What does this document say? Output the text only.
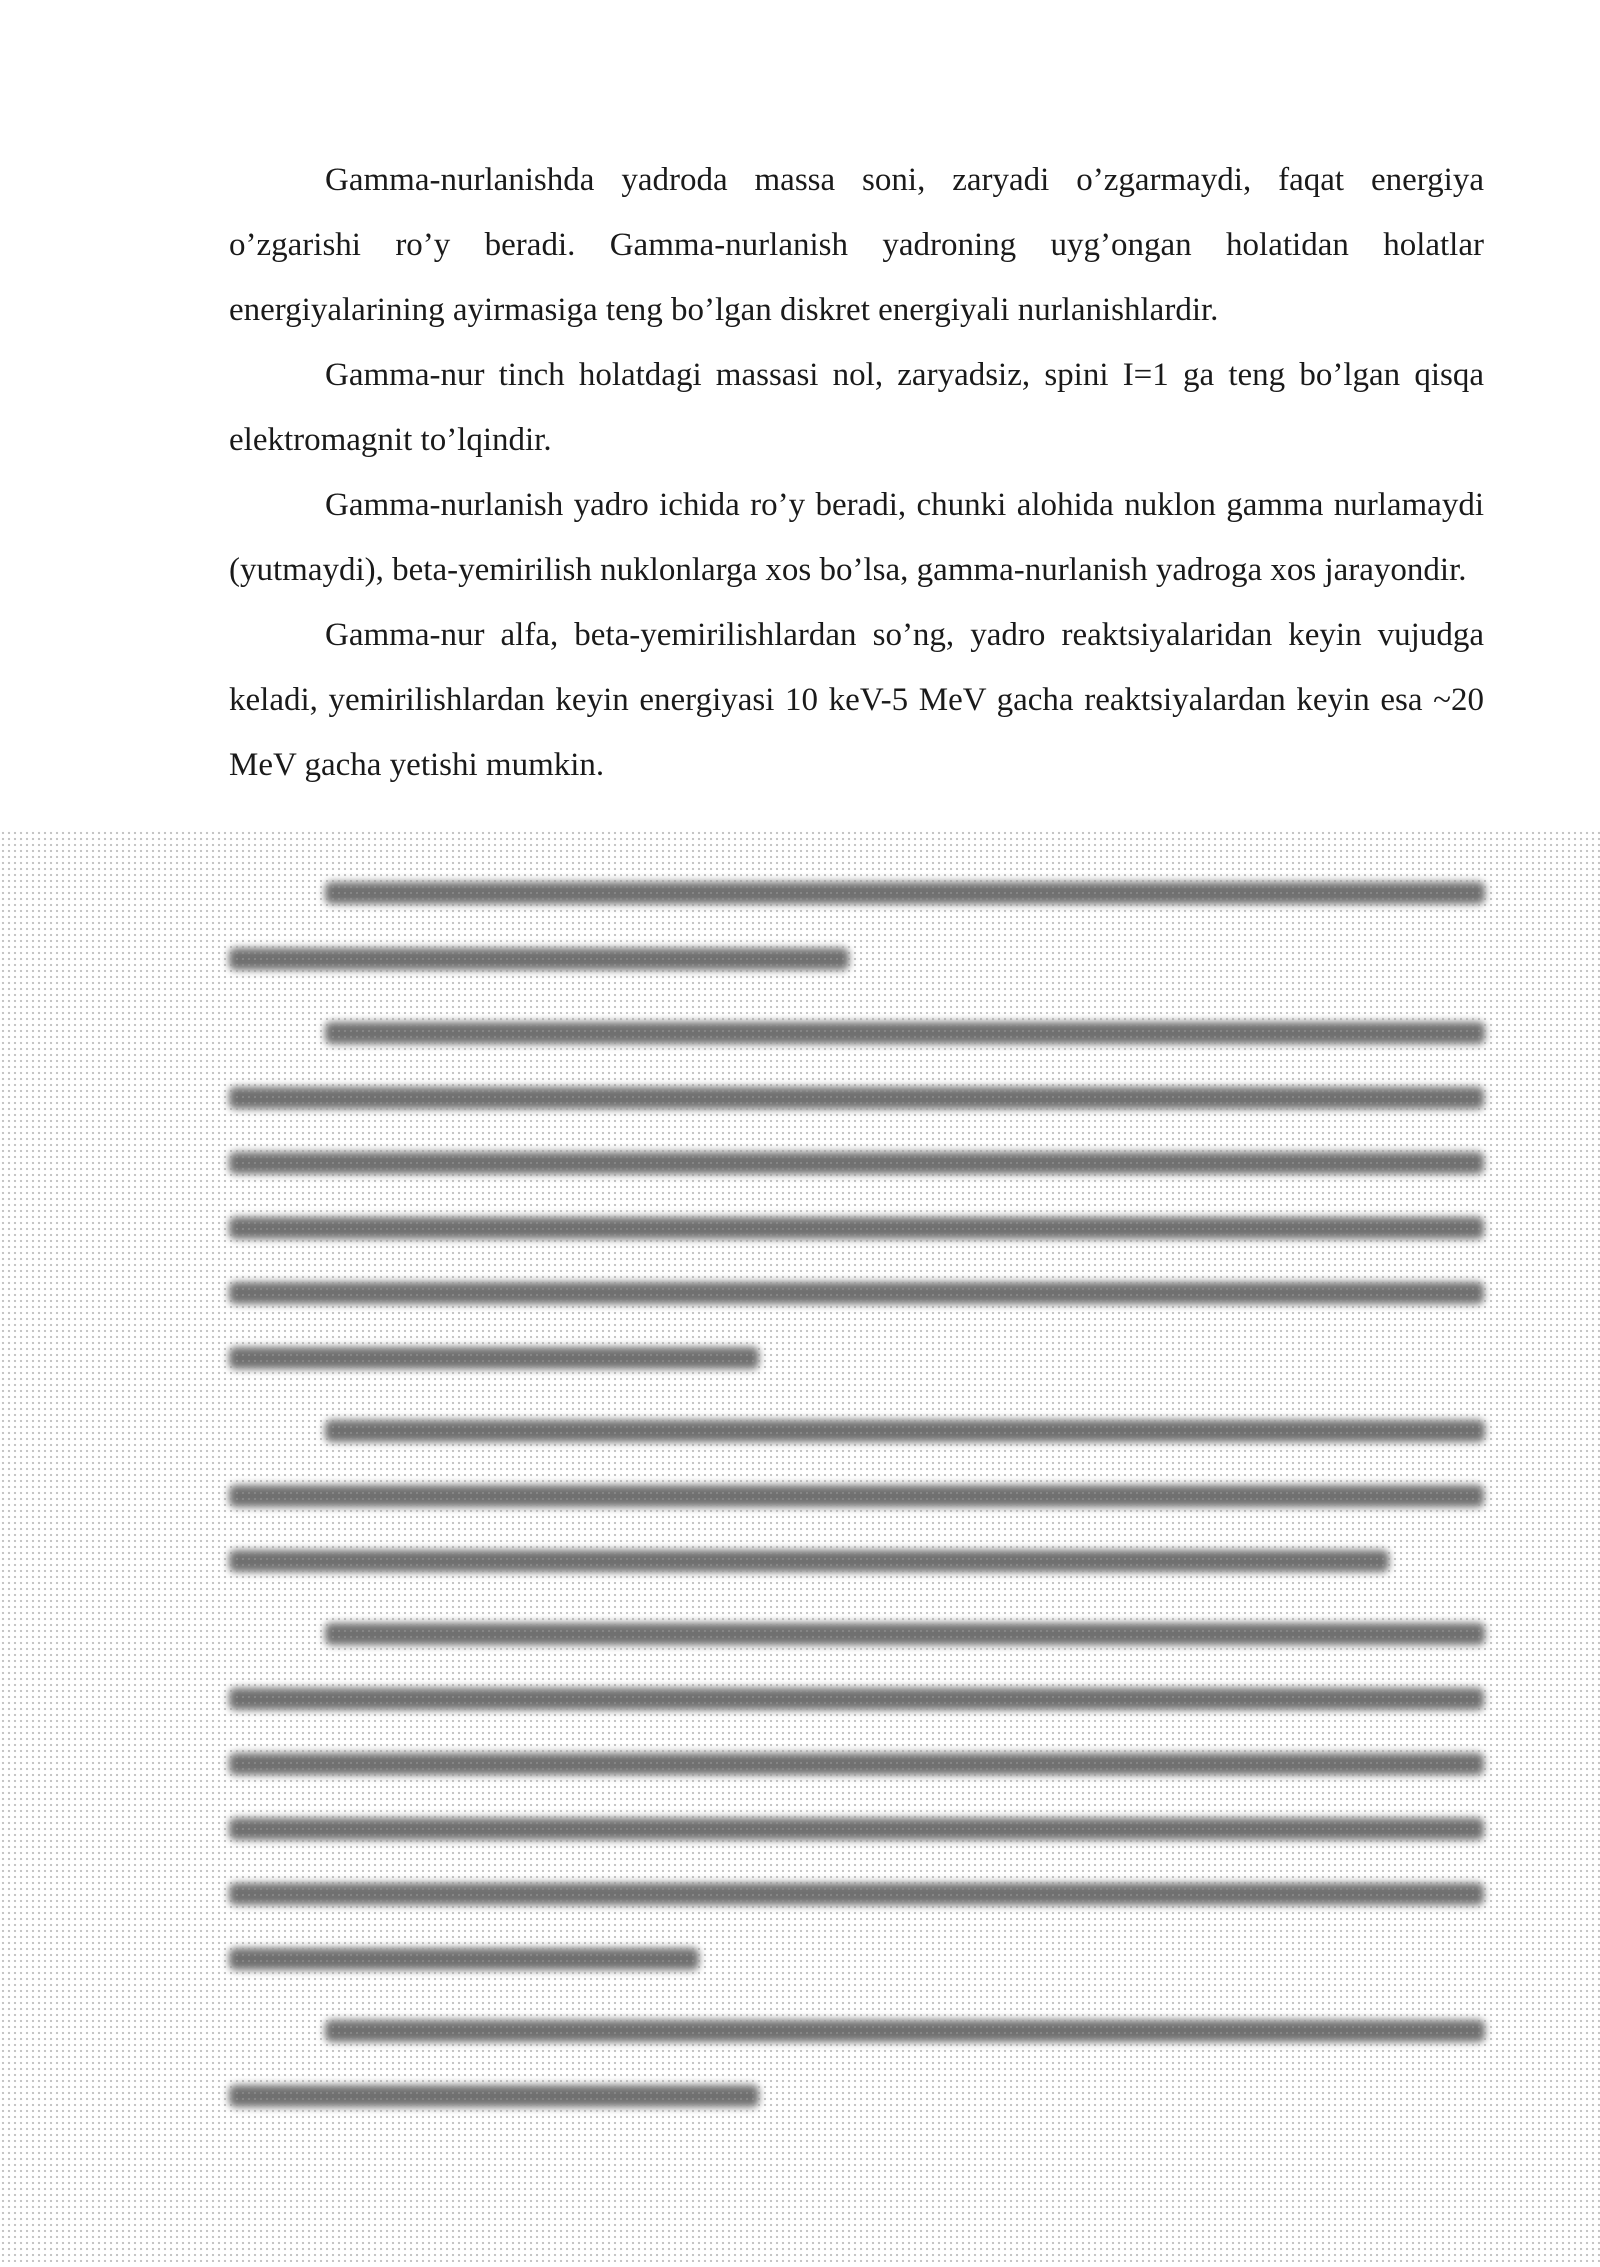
Gamma-nurlanishda yadroda massa soni, zaryadi o’zgarmaydi, faqat energiya o’zgarishi ro’y beradi. Gamma-nurlanish yadroning uyg’ongan holatidan holatlar energiyalarining ayirmasiga teng bo’lgan diskret energiyali nurlanishlardir.

Gamma-nur tinch holatdagi massasi nol, zaryadsiz, spini I=1 ga teng bo’lgan qisqa elektromagnit to’lqindir.

Gamma-nurlanish yadro ichida ro’y beradi, chunki alohida nuklon gamma nurlamaydi (yutmaydi), beta-yemirilish nuklonlarga xos bo’lsa, gamma-nurlanish yadroga xos jarayondir.

Gamma-nur alfa, beta-yemirilishlardan so’ng, yadro reaktsiyalaridan keyin vujudga keladi, yemirilishlardan keyin energiyasi 10 keV-5 MeV gacha reaktsiyalardan keyin esa ~20 MeV gacha yetishi mumkin.
